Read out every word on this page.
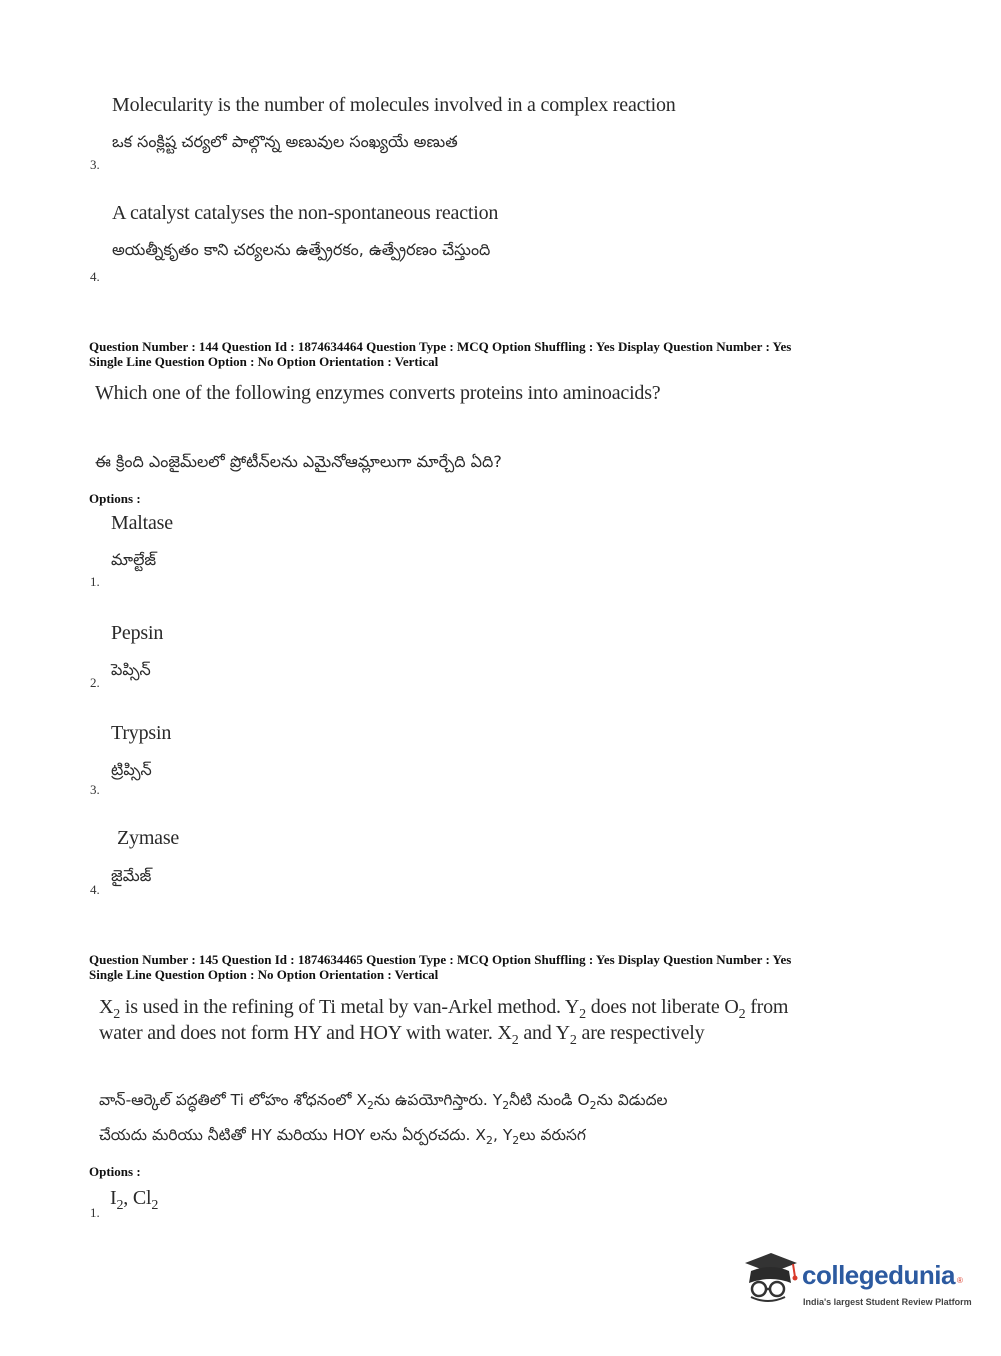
Molecularity is the number of molecules involved in a complex reaction
ఒక సంక్లిష్ట చర్యలో పాల్గొన్న అణువుల సంఖ్యయే అణుత
3.
A catalyst catalyses the non-spontaneous reaction
అయత్నీకృతం కాని చర్యలను ఉత్ప్రేరకం, ఉత్ప్రేరణం చేస్తుంది
4.
Question Number : 144 Question Id : 1874634464 Question Type : MCQ Option Shuffling : Yes Display Question Number : Yes
Single Line Question Option : No Option Orientation : Vertical
Which one of the following enzymes converts proteins into aminoacids?
ఈ క్రింది ఎంజైమ్‌లలో ప్రోటీన్‌లను ఎమైనోఆమ్లాలుగా మార్చేది ఏది?
Options :
Maltase
మాల్టేజ్
1.
Pepsin
పెప్సిన్
2.
Trypsin
ట్రిప్సిన్
3.
Zymase
జైమేజ్
4.
Question Number : 145 Question Id : 1874634465 Question Type : MCQ Option Shuffling : Yes Display Question Number : Yes
Single Line Question Option : No Option Orientation : Vertical
$X_2$ is used in the refining of Ti metal by van-Arkel method. $Y_2$ does not liberate $O_2$ from
water and does not form HY and HOY with water. $X_2$ and $Y_2$ are respectively
వాన్-ఆర్కెల్ పద్ధతిలో Ti లోహం శోధనంలో $X_2ను$ ఉపయోగిస్తారు. $Y_2నీటి$ నుండి $O_2ను$ విడుదల
చేయదు మరియు నీటితో HY మరియు HOY లను ఏర్పరచదు. $X_2$, $Y_2లు$ వరుసగ
Options :
$I_2$, $Cl_2$
1.
collegedunia ®
India's largest Student Review Platform
